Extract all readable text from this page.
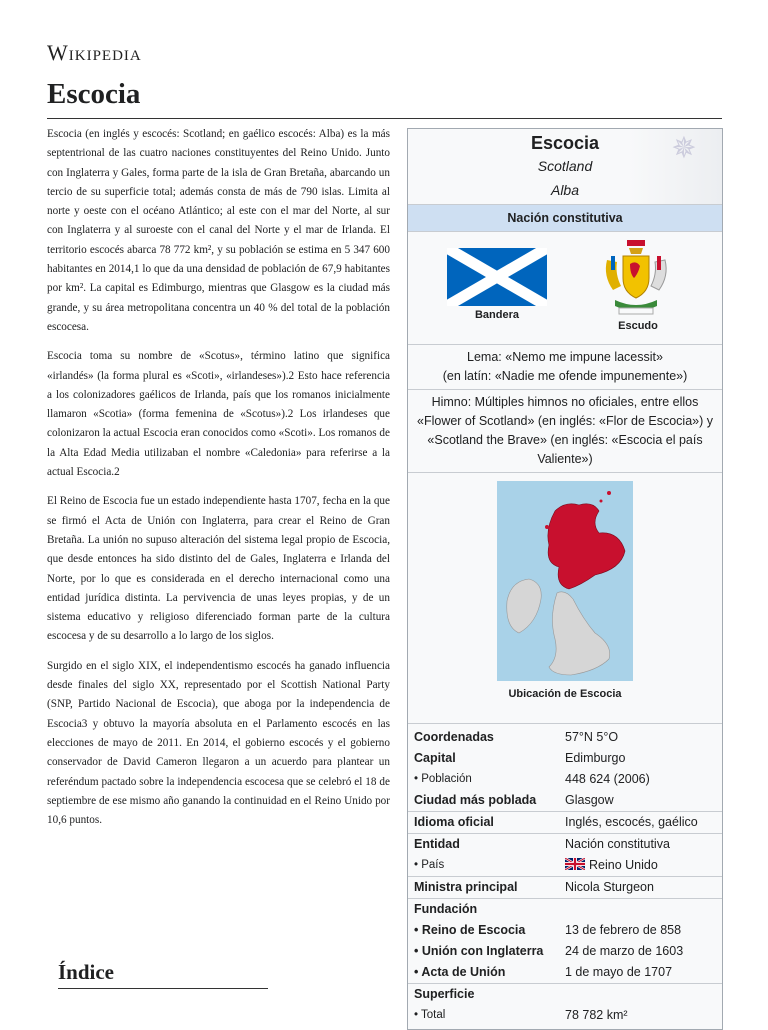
Wikipedia
Escocia

Escocia (en inglés y escocés: Scotland; en gaélico escocés: Alba) es la más septentrional de las cuatro naciones constituyentes del Reino Unido. Junto con Inglaterra y Gales, forma parte de la isla de Gran Bretaña, abarcando un tercio de su superficie total; además consta de más de 790 islas. Limita al norte y oeste con el océano Atlántico; al este con el mar del Norte, al sur con Inglaterra y al suroeste con el canal del Norte y el mar de Irlanda. El territorio escocés abarca 78 772 km², y su población se estima en 5 347 600 habitantes en 2014,1 lo que da una densidad de población de 67,9 habitantes por km². La capital es Edimburgo, mientras que Glasgow es la ciudad más grande, y su área metropolitana concentra un 40 % del total de la población escocesa.

Escocia toma su nombre de «Scotus», término latino que significa «irlandés» (la forma plural es «Scoti», «irlandeses»).2 Esto hace referencia a los colonizadores gaélicos de Irlanda, país que los romanos inicialmente llamaron «Scotia» (forma femenina de «Scotus»).2 Los irlandeses que colonizaron la actual Escocia eran conocidos como «Scoti». Los romanos de la Alta Edad Media utilizaban el nombre «Caledonia» para referirse a la actual Escocia.2

El Reino de Escocia fue un estado independiente hasta 1707, fecha en la que se firmó el Acta de Unión con Inglaterra, para crear el Reino de Gran Bretaña. La unión no supuso alteración del sistema legal propio de Escocia, que desde entonces ha sido distinto del de Gales, Inglaterra e Irlanda del Norte, por lo que es considerada en el derecho internacional como una entidad jurídica distinta. La pervivencia de unas leyes propias, y de un sistema educativo y religioso diferenciado forman parte de la cultura escocesa y de su desarrollo a lo largo de los siglos.

Surgido en el siglo XIX, el independentismo escocés ha ganado influencia desde finales del siglo XX, representado por el Scottish National Party (SNP, Partido Nacional de Escocia), que aboga por la independencia de Escocia3 y obtuvo la mayoría absoluta en el Parlamento escocés en las elecciones de mayo de 2011. En 2014, el gobierno escocés y el gobierno conservador de David Cameron llegaron a un acuerdo para plantear un referéndum pactado sobre la independencia escocesa que se celebró el 18 de septiembre de ese mismo año ganando la continuidad en el Reino Unido por 10,6 puntos.

Índice
✵
Escocia
Scotland
Alba
Nación constitutiva
Bandera
Escudo
Lema: «Nemo me impune lacessit»
(en latín: «Nadie me ofende impunemente»)
Himno: Múltiples himnos no oficiales, entre ellos «Flower of Scotland» (en inglés: «Flor de Escocia») y «Scotland the Brave» (en inglés: «Escocia el país Valiente»)
Ubicación de Escocia
Coordenadas	57°N 5°O
Capital	Edimburgo
• Población	448 624 (2006)
Ciudad más poblada	Glasgow
Idioma oficial	Inglés, escocés, gaélico
Entidad	Nación constitutiva
• País	Reino Unido
Ministra principal	Nicola Sturgeon
Fundación
• Reino de Escocia	13 de febrero de 858
• Unión con Inglaterra	24 de marzo de 1603
• Acta de Unión	1 de mayo de 1707
Superficie
• Total	78 782 km²
